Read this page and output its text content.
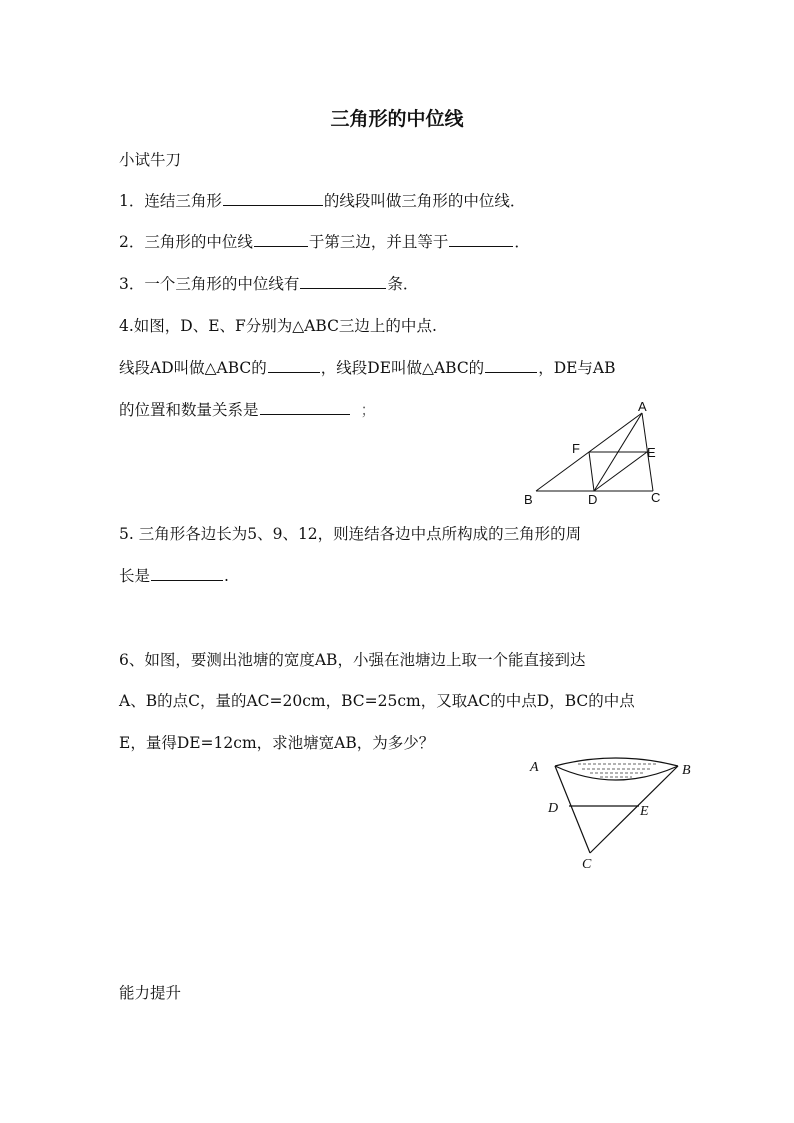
三角形的中位线
小试牛刀
1．连结三角形	的线段叫做三角形的中位线．
2．三角形的中位线	于第三边，并且等于	．
3．一个三角形的中位线有	条．
4.如图，D、E、F分别为△ABC三边上的中点.
线段AD叫做△ABC的	，线段DE叫做△ABC的	，DE与AB
的位置和数量关系是	；	A
B	C
D
E
F
5. 三角形各边长为5、9、12，则连结各边中点所构成的三角形的周
长是	.
6、如图，要测出池塘的宽度AB，小强在池塘边上取一个能直接到达
A、B的点C，量的AC=20cm，BC=25cm，又取AC的中点D，BC的中点
E，量得DE=12cm，求池塘宽AB，为多少？
A	B
C
D	E
能力提升
